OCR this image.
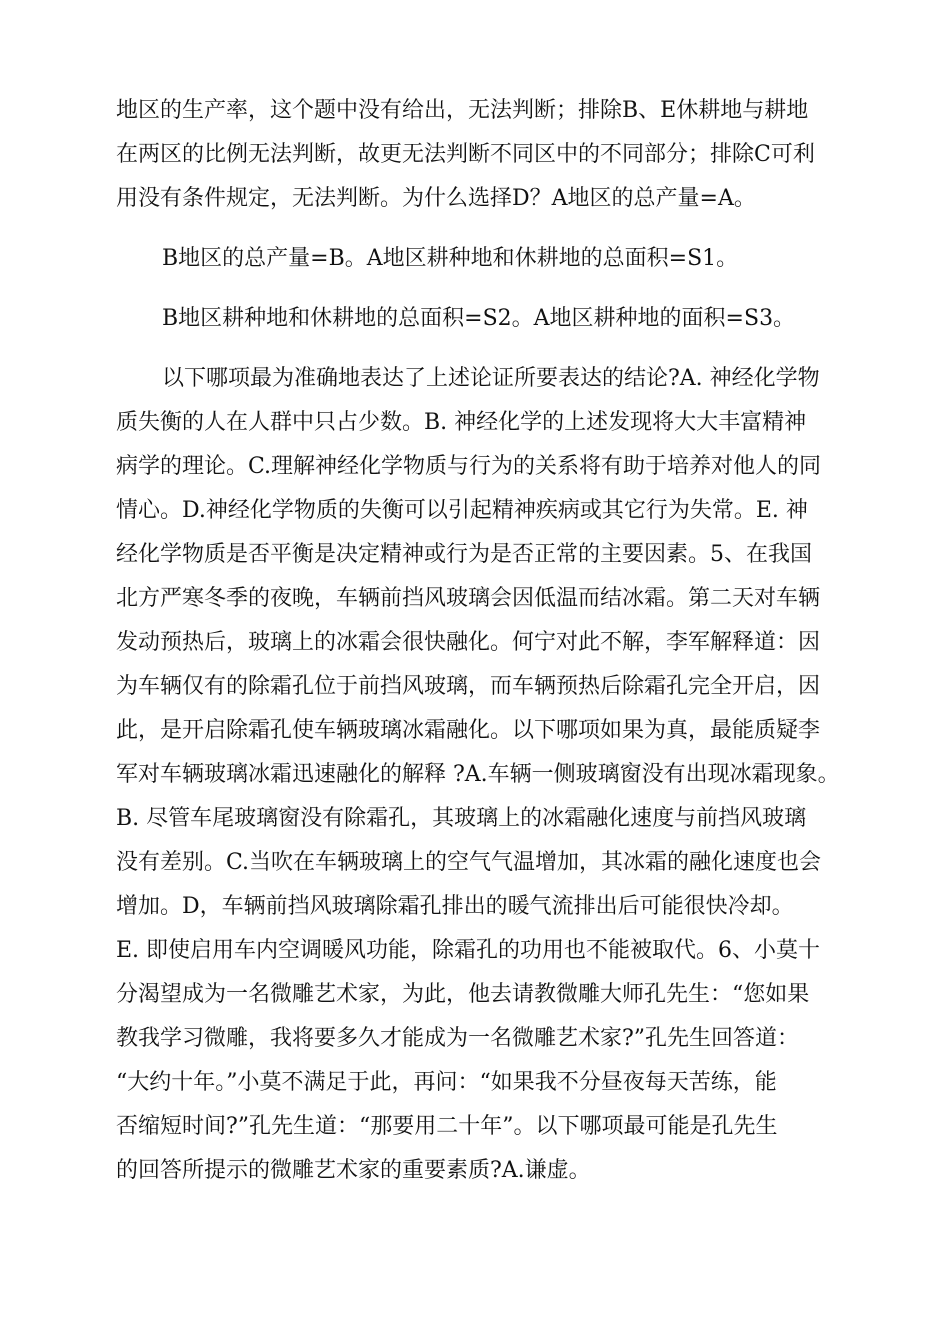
地区的生产率，这个题中没有给出，无法判断；排除B、E休耕地与耕地
在两区的比例无法判断，故更无法判断不同区中的不同部分；排除C可利
用没有条件规定，无法判断。为什么选择D？A地区的总产量=A。
B地区的总产量=B。A地区耕种地和休耕地的总面积=S1。
B地区耕种地和休耕地的总面积=S2。A地区耕种地的面积=S3。
以下哪项最为准确地表达了上述论证所要表达的结论?A. 神经化学物
质失衡的人在人群中只占少数。B. 神经化学的上述发现将大大丰富精神
病学的理论。C.理解神经化学物质与行为的关系将有助于培养对他人的同
情心。D.神经化学物质的失衡可以引起精神疾病或其它行为失常。E. 神
经化学物质是否平衡是决定精神或行为是否正常的主要因素。5、在我国
北方严寒冬季的夜晚，车辆前挡风玻璃会因低温而结冰霜。第二天对车辆
发动预热后，玻璃上的冰霜会很快融化。何宁对此不解，李军解释道：因
为车辆仅有的除霜孔位于前挡风玻璃，而车辆预热后除霜孔完全开启，因
此，是开启除霜孔使车辆玻璃冰霜融化。以下哪项如果为真，最能质疑李
军对车辆玻璃冰霜迅速融化的解释 ?A.车辆一侧玻璃窗没有出现冰霜现象。
B. 尽管车尾玻璃窗没有除霜孔，其玻璃上的冰霜融化速度与前挡风玻璃
没有差别。C.当吹在车辆玻璃上的空气气温增加，其冰霜的融化速度也会
增加。D，车辆前挡风玻璃除霜孔排出的暖气流排出后可能很快冷却。
E. 即使启用车内空调暖风功能，除霜孔的功用也不能被取代。6、小莫十
分渴望成为一名微雕艺术家，为此，他去请教微雕大师孔先生：“您如果
教我学习微雕，我将要多久才能成为一名微雕艺术家?”孔先生回答道：
“大约十年。”小莫不满足于此，再问：“如果我不分昼夜每天苦练，能
否缩短时间?”孔先生道：“那要用二十年”。以下哪项最可能是孔先生
的回答所提示的微雕艺术家的重要素质?A.谦虚。
